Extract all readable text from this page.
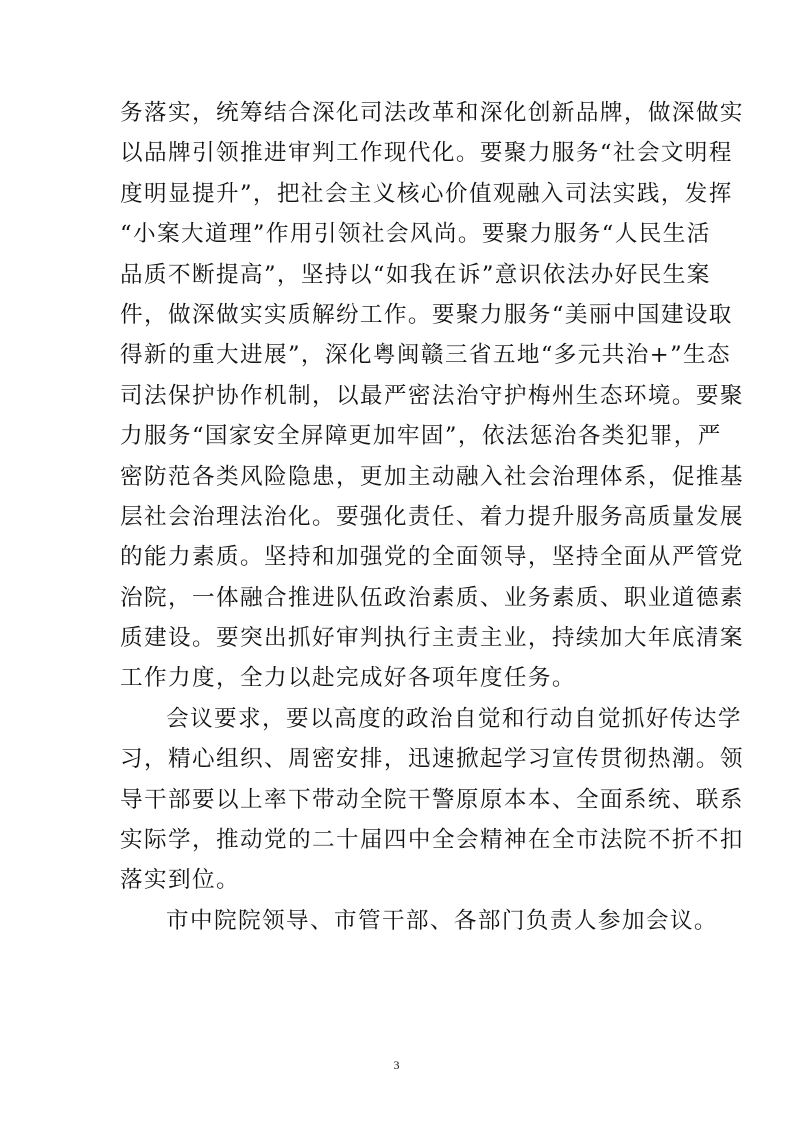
务落实，统筹结合深化司法改革和深化创新品牌，做深做实
以品牌引领推进审判工作现代化。要聚力服务“社会文明程
度明显提升”，把社会主义核心价值观融入司法实践，发挥
“小案大道理”作用引领社会风尚。要聚力服务“人民生活
品质不断提高”，坚持以“如我在诉”意识依法办好民生案
件，做深做实实质解纷工作。要聚力服务“美丽中国建设取
得新的重大进展”，深化粤闽赣三省五地“多元共治+”生态
司法保护协作机制，以最严密法治守护梅州生态环境。要聚
力服务“国家安全屏障更加牢固”，依法惩治各类犯罪，严
密防范各类风险隐患，更加主动融入社会治理体系，促推基
层社会治理法治化。要强化责任、着力提升服务高质量发展
的能力素质。坚持和加强党的全面领导，坚持全面从严管党
治院，一体融合推进队伍政治素质、业务素质、职业道德素
质建设。要突出抓好审判执行主责主业，持续加大年底清案
工作力度，全力以赴完成好各项年度任务。

会议要求，要以高度的政治自觉和行动自觉抓好传达学
习，精心组织、周密安排，迅速掀起学习宣传贯彻热潮。领
导干部要以上率下带动全院干警原原本本、全面系统、联系
实际学，推动党的二十届四中全会精神在全市法院不折不扣
落实到位。

市中院院领导、市管干部、各部门负责人参加会议。

3
